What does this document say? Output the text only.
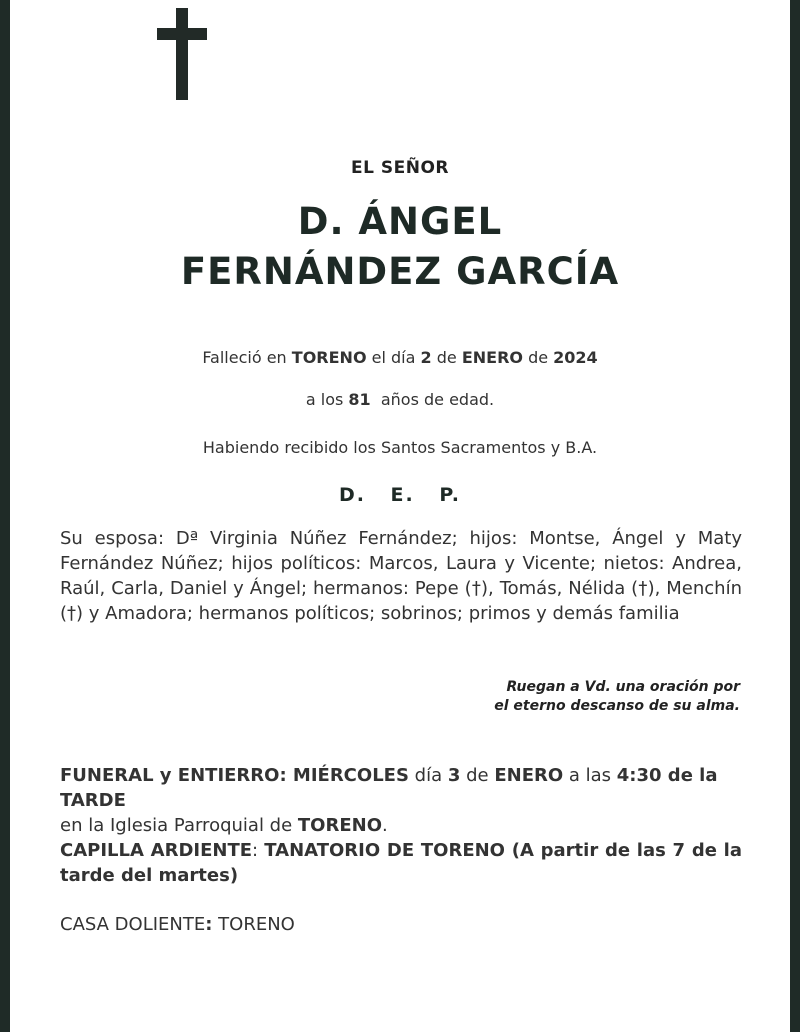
EL SEÑOR
D. ÁNGEL
FERNÁNDEZ GARCÍA
Falleció en TORENO el día 2 de ENERO de 2024
a los 81 años de edad.
Habiendo recibido los Santos Sacramentos y B.A.
D. E. P.
Su esposa: Dª Virginia Núñez Fernández; hijos: Montse, Ángel y Maty Fernández Núñez; hijos políticos: Marcos, Laura y Vicente; nietos: Andrea, Raúl, Carla, Daniel y Ángel; hermanos: Pepe (†), Tomás, Nélida (†), Menchín (†) y Amadora; hermanos políticos; sobrinos; primos y demás familia
Ruegan a Vd. una oración por
el eterno descanso de su alma.
FUNERAL y ENTIERRO: MIÉRCOLES día 3 de ENERO a las 4:30 de la TARDE
en la Iglesia Parroquial de TORENO.
CAPILLA ARDIENTE: TANATORIO DE TORENO (A partir de las 7 de la tarde del martes)
CASA DOLIENTE: TORENO
